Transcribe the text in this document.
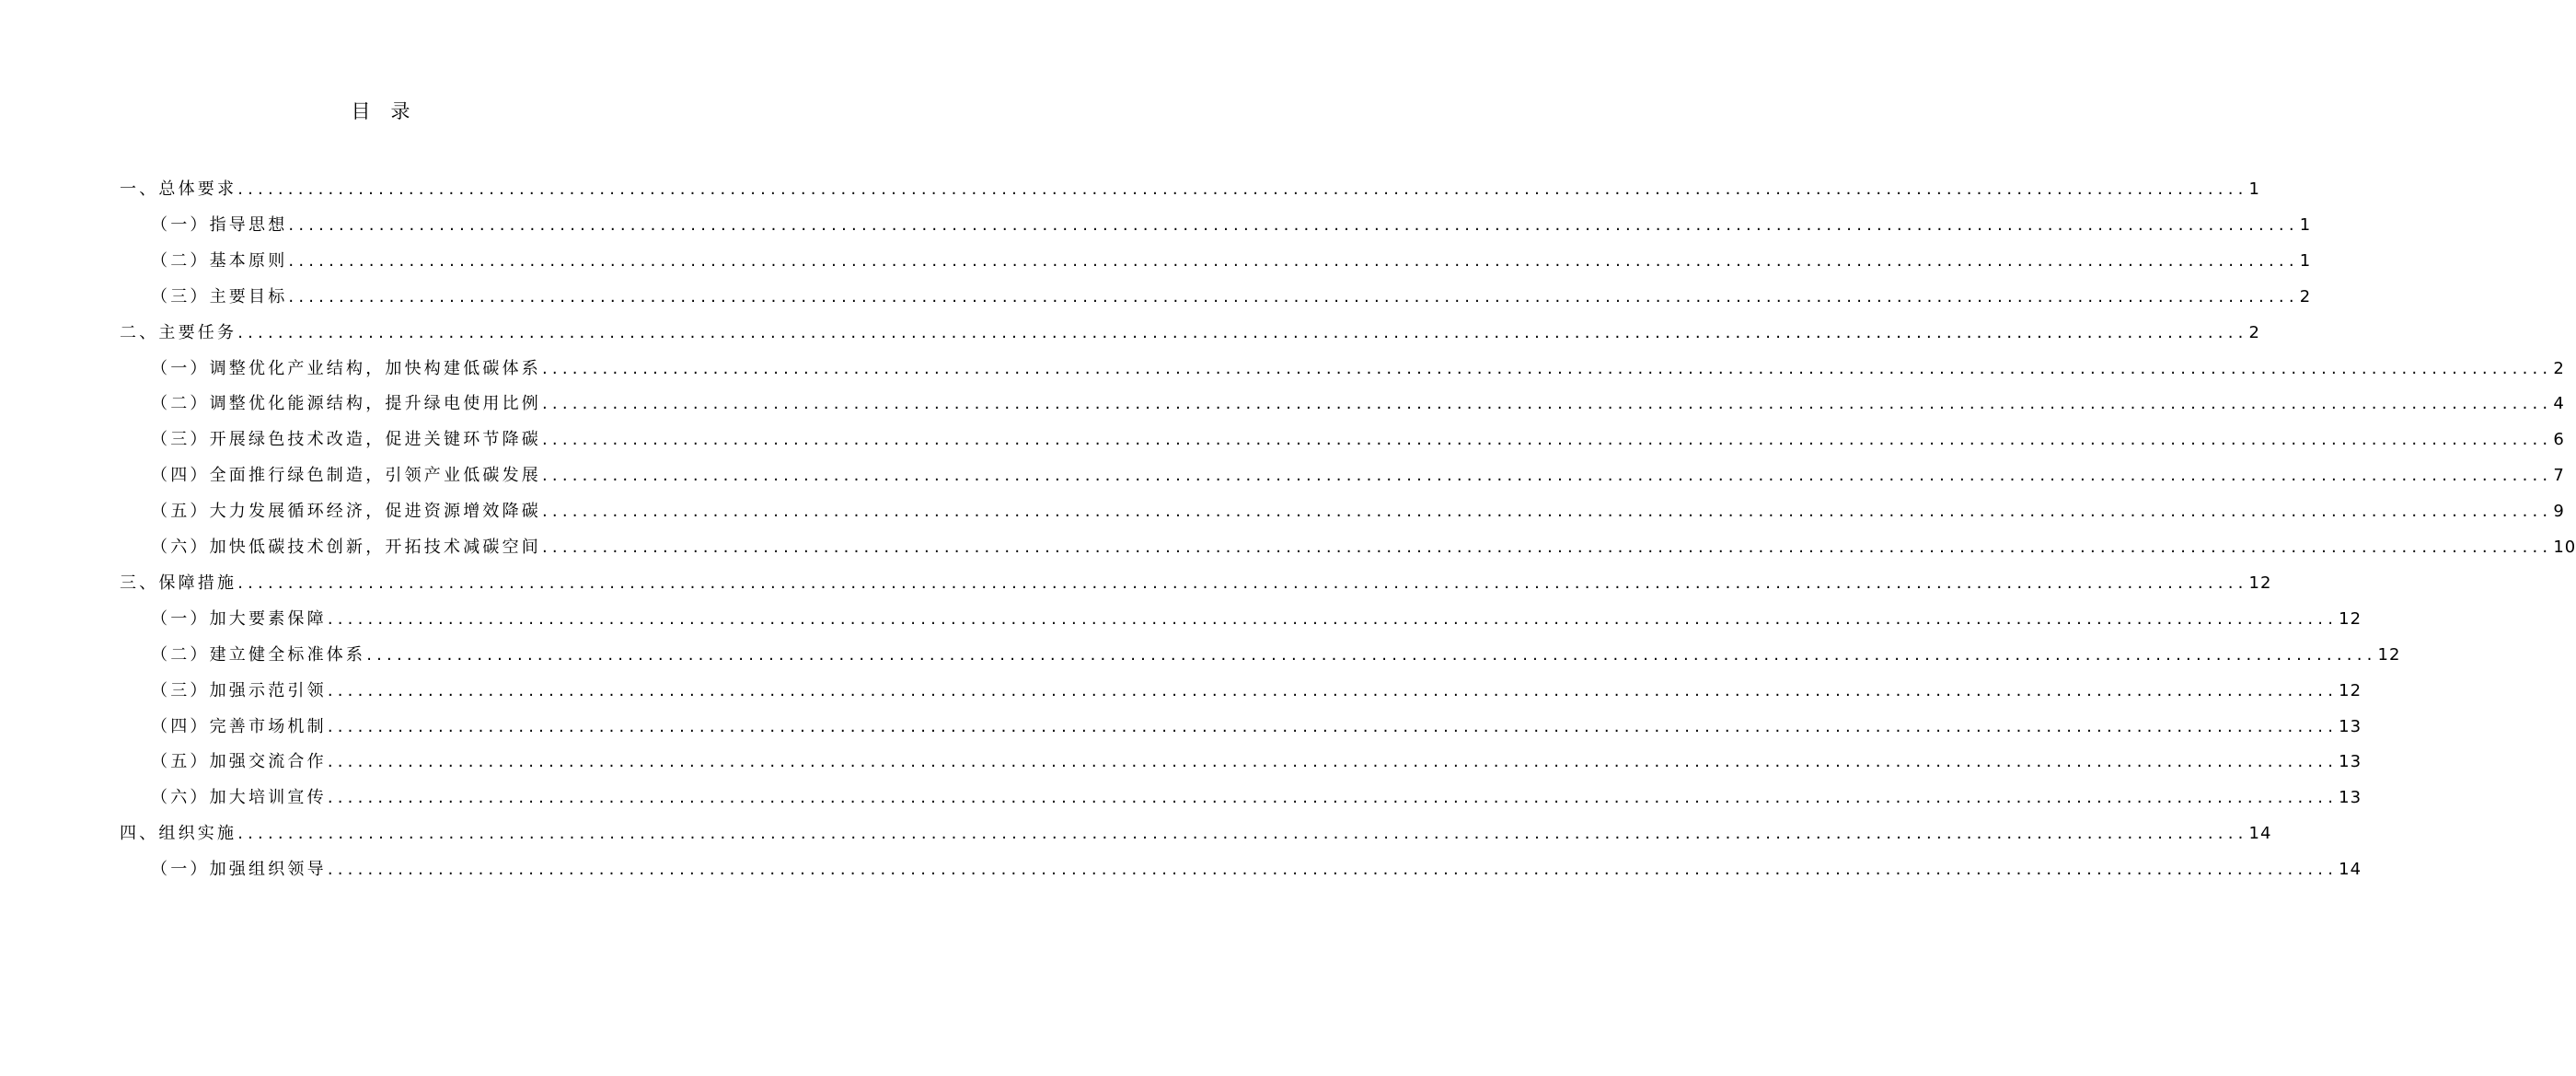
目录
一、总体要求 ........................................................................................................................................................................................................ 1
（一）指导思想 ........................................................................................................................................................................................................ 1
（二）基本原则 ........................................................................................................................................................................................................ 1
（三）主要目标 ........................................................................................................................................................................................................ 2
二、主要任务 ........................................................................................................................................................................................................ 2
（一）调整优化产业结构，加快构建低碳体系 ........................................................................................................................................................................................................ 2
（二）调整优化能源结构，提升绿电使用比例 ........................................................................................................................................................................................................ 4
（三）开展绿色技术改造，促进关键环节降碳 ........................................................................................................................................................................................................ 6
（四）全面推行绿色制造，引领产业低碳发展 ........................................................................................................................................................................................................ 7
（五）大力发展循环经济，促进资源增效降碳 ........................................................................................................................................................................................................ 9
（六）加快低碳技术创新，开拓技术减碳空间 ........................................................................................................................................................................................................ 10
三、保障措施 ........................................................................................................................................................................................................ 12
（一）加大要素保障 ........................................................................................................................................................................................................ 12
（二）建立健全标准体系 ........................................................................................................................................................................................................ 12
（三）加强示范引领 ........................................................................................................................................................................................................ 12
（四）完善市场机制 ........................................................................................................................................................................................................ 13
（五）加强交流合作 ........................................................................................................................................................................................................ 13
（六）加大培训宣传 ........................................................................................................................................................................................................ 13
四、组织实施 ........................................................................................................................................................................................................ 14
（一）加强组织领导 ........................................................................................................................................................................................................ 14
